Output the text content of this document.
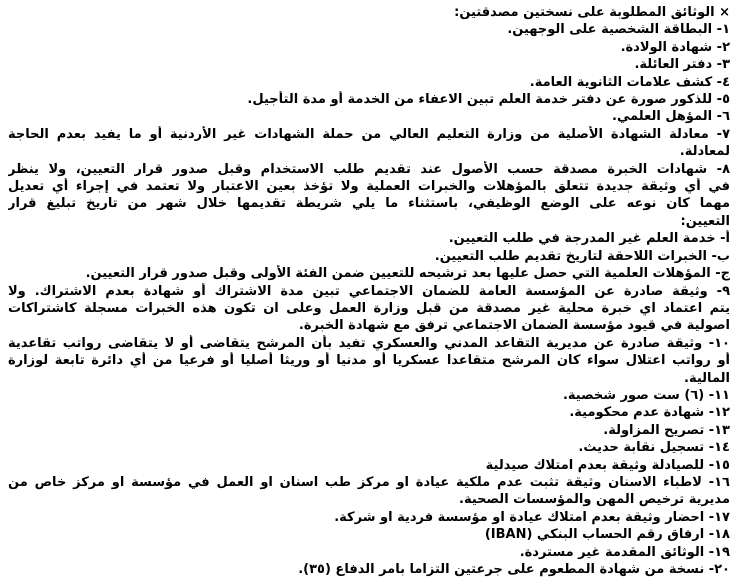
× الوثائق المطلوبة على نسختين مصدقتين:
١- البطاقة الشخصية على الوجهين.
٢- شهادة الولادة.
٣- دفتر العائلة.
٤- كشف علامات الثانوية العامة.
٥- للذكور صورة عن دفتر خدمة العلم تبين الاعفاء من الخدمة أو مدة التأجيل.
٦- المؤهل العلمي.
٧- معادلة الشهادة الأصلية من وزارة التعليم العالي من حملة الشهادات غير الأردنية أو ما يفيد بعدم الحاجة
لمعادلة.
٨- شهادات الخبرة مصدقة حسب الأصول عند تقديم طلب الاستخدام وقبل صدور قرار التعيين، ولا ينظر
في أي وثيقة جديدة تتعلق بالمؤهلات والخبرات العملية ولا تؤخذ بعين الاعتبار ولا تعتمد في إجراء أي تعديل
مهما كان نوعه على الوضع الوظيفي، باستثناء ما يلي شريطة تقديمها خلال شهر من تاريخ تبليغ قرار
التعيين:
أ- خدمة العلم غير المدرجة في طلب التعيين.
ب- الخبرات اللاحقة لتاريخ تقديم طلب التعيين.
ج- المؤهلات العلمية التي حصل عليها بعد ترشيحه للتعيين ضمن الفئة الأولى وقبل صدور قرار التعيين.
٩- وثيقة صادرة عن المؤسسة العامة للضمان الاجتماعي تبين مدة الاشتراك أو شهادة بعدم الاشتراك. ولا
يتم اعتماد اي خبرة محلية غير مصدقة من قبل وزارة العمل وعلى ان تكون هذه الخبرات مسجلة كاشتراكات
اصولية في قيود مؤسسة الضمان الاجتماعي ترفق مع شهادة الخبرة.
١٠- وثيقة صادرة عن مديرية التقاعد المدني والعسكري تفيد بأن المرشح يتقاضى أو لا يتقاضى رواتب تقاعدية
أو رواتب اعتلال سواء كان المرشح متقاعدا عسكريا أو مدنيا أو وريثا أصليا أو فرعيا من أي دائرة تابعة لوزارة
المالية.
١١- (٦) ست صور شخصية.
١٢- شهادة عدم محكومية.
١٣- تصريح المزاولة.
١٤- تسجيل نقابة حديث.
١٥- للصيادلة وثيقة بعدم امتلاك صيدلية
١٦- لاطباء الاسنان وثيقة تثبت عدم ملكية عيادة او مركز طب اسنان او العمل في مؤسسة او مركز خاص من
مديرية ترخيص المهن والمؤسسات الصحية.
١٧- احضار وثيقة بعدم امتلاك عيادة او مؤسسة فردية او شركة.
١٨- ارفاق رقم الحساب البنكي (IBAN)
١٩- الوثائق المقدمة غير مستردة.
٢٠- نسخة من شهادة المطعوم على جرعتين التزاما بامر الدفاع (٣٥).
